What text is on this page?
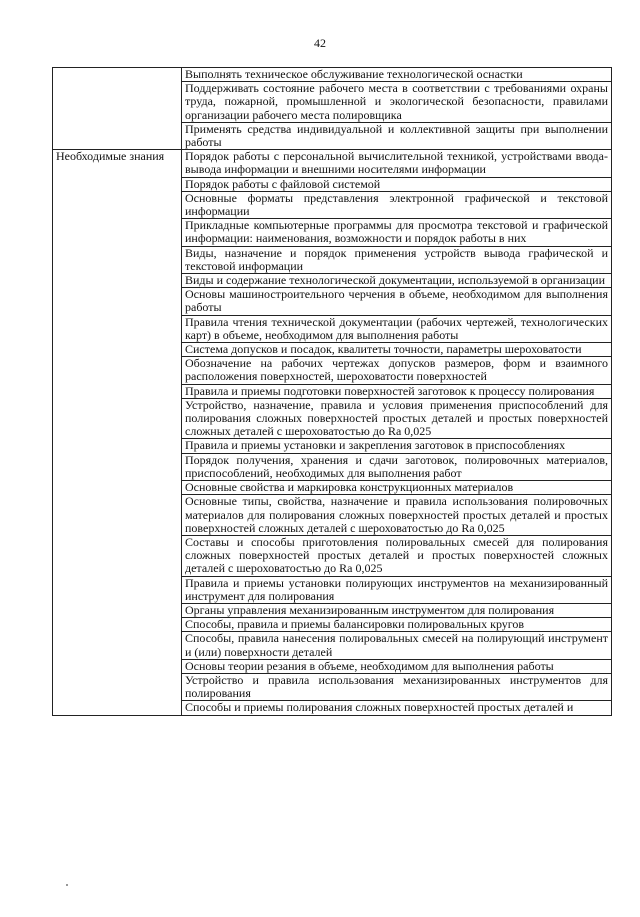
42
	Выполнять техническое обслуживание технологической оснастки
	Поддерживать состояние рабочего места в соответствии с требованиями охраны труда, пожарной, промышленной и экологической безопасности, правилами организации рабочего места полировщика
	Применять средства индивидуальной и коллективной защиты при выполнении работы

Необходимые знания	Порядок работы с персональной вычислительной техникой, устройствами ввода-вывода информации и внешними носителями информации
	Порядок работы с файловой системой
	Основные форматы представления электронной графической и текстовой информации
	Прикладные компьютерные программы для просмотра текстовой и графической информации: наименования, возможности и порядок работы в них
	Виды, назначение и порядок применения устройств вывода графической и текстовой информации
	Виды и содержание технологической документации, используемой в организации
	Основы машиностроительного черчения в объеме, необходимом для выполнения работы
	Правила чтения технической документации (рабочих чертежей, технологических карт) в объеме, необходимом для выполнения работы
	Система допусков и посадок, квалитеты точности, параметры шероховатости
	Обозначение на рабочих чертежах допусков размеров, форм и взаимного расположения поверхностей, шероховатости поверхностей
	Правила и приемы подготовки поверхностей заготовок к процессу полирования
	Устройство, назначение, правила и условия применения приспособлений для полирования сложных поверхностей простых деталей и простых поверхностей сложных деталей с шероховатостью до Ra 0,025
	Правила и приемы установки и закрепления заготовок в приспособлениях
	Порядок получения, хранения и сдачи заготовок, полировочных материалов, приспособлений, необходимых для выполнения работ
	Основные свойства и маркировка конструкционных материалов
	Основные типы, свойства, назначение и правила использования полировочных материалов для полирования сложных поверхностей простых деталей и простых поверхностей сложных деталей с шероховатостью до Ra 0,025
	Составы и способы приготовления полировальных смесей для полирования сложных поверхностей простых деталей и простых поверхностей сложных деталей с шероховатостью до Ra 0,025
	Правила и приемы установки полирующих инструментов на механизированный инструмент для полирования
	Органы управления механизированным инструментом для полирования
	Способы, правила и приемы балансировки полировальных кругов
	Способы, правила нанесения полировальных смесей на полирующий инструмент и (или) поверхности деталей
	Основы теории резания в объеме, необходимом для выполнения работы
	Устройство и правила использования механизированных инструментов для полирования
	Способы и приемы полирования сложных поверхностей простых деталей и
